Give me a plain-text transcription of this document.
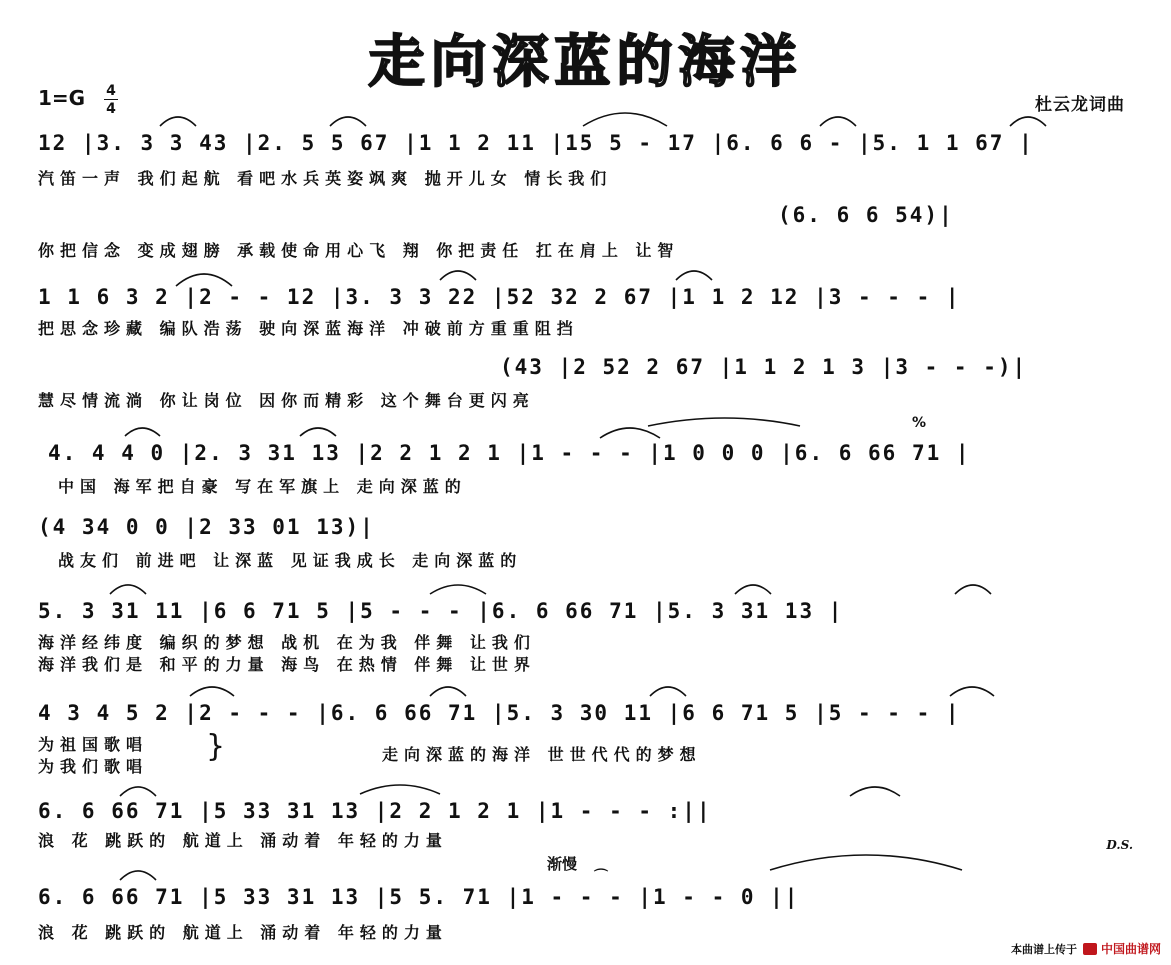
走向深蓝的海洋
1=G 4
4	杜云龙词曲
12 |3. 3 3 43 |2. 5 5 67 |1 1 2 11 |15 5 - 17 |6. 6 6 - |5. 1 1 67 |
汽笛一声 我们起航 看吧水兵英姿飒爽 抛开儿女 情长我们
(6. 6 6 54)|
你把信念 变成翅膀 承载使命用心飞 翔 你把责任 扛在肩上 让智
1 1 6 3 2 |2 - - 12 |3. 3 3 22 |52 32 2 67 |1 1 2 12 |3 - - - |
把思念珍藏 编队浩荡 驶向深蓝海洋 冲破前方重重阻挡
(43 |2 52 2 67 |1 1 2 1 3 |3 - - -)|
慧尽情流淌 你让岗位 因你而精彩 这个舞台更闪亮
%
4. 4 4 0 |2. 3 31 13 |2 2 1 2 1 |1 - - - |1 0 0 0 |6. 6 66 71 |
中国 海军把自豪 写在军旗上 走向深蓝的
(4 34 0 0 |2 33 01 13)|
战友们 前进吧 让深蓝 见证我成长 走向深蓝的
5. 3 31 11 |6 6 71 5 |5 - - - |6. 6 66 71 |5. 3 31 13 |
海洋经纬度 编织的梦想 战机 在为我 伴舞 让我们
海洋我们是 和平的力量 海鸟 在热情 伴舞 让世界
4 3 4 5 2 |2 - - - |6. 6 66 71 |5. 3 30 11 |6 6 71 5 |5 - - - |
为祖国歌唱
为我们歌唱
}	走向深蓝的海洋 世世代代的梦想
6. 6 66 71 |5 33 31 13 |2 2 1 2 1 |1 - - - :||
浪 花 跳跃的 航道上 涌动着 年轻的力量	D.S.
渐慢
⌒
6. 6 66 71 |5 33 31 13 |5 5. 71 |1 - - - |1 - - 0 ||
浪 花 跳跃的 航道上 涌动着 年轻的力量
本曲谱上传于 中国曲谱网
